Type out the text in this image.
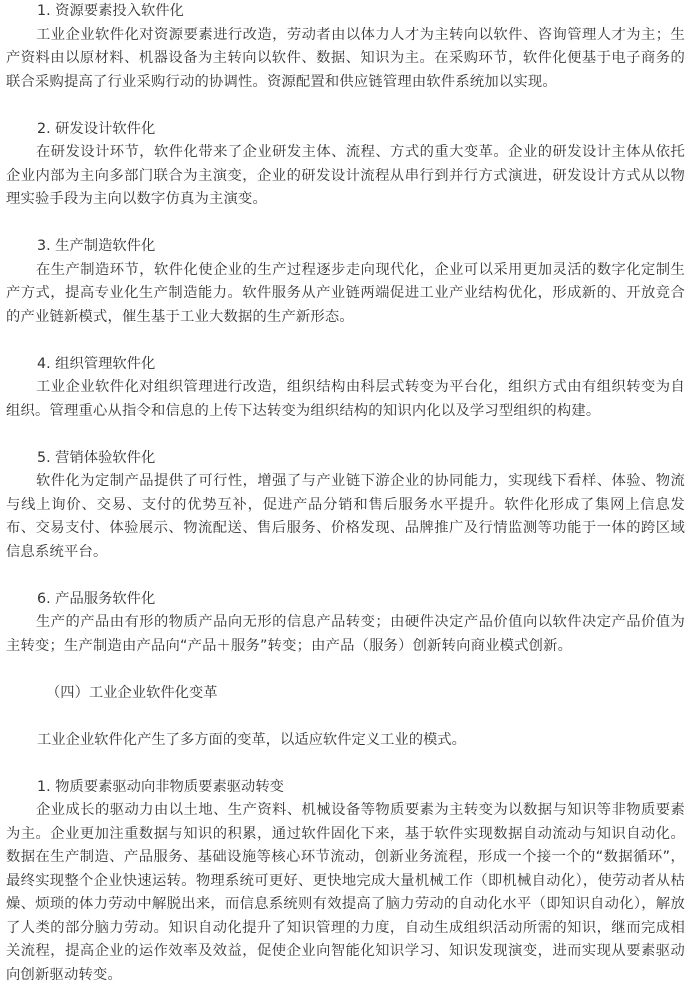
1. 资源要素投入软件化

工业企业软件化对资源要素进行改造，劳动者由以体力人才为主转向以软件、咨询管理人才为主；生产资料由以原材料、机器设备为主转向以软件、数据、知识为主。在采购环节，软件化便基于电子商务的联合采购提高了行业采购行动的协调性。资源配置和供应链管理由软件系统加以实现。

2. 研发设计软件化

在研发设计环节，软件化带来了企业研发主体、流程、方式的重大变革。企业的研发设计主体从依托企业内部为主向多部门联合为主演变，企业的研发设计流程从串行到并行方式演进，研发设计方式从以物理实验手段为主向以数字仿真为主演变。

3. 生产制造软件化

在生产制造环节，软件化使企业的生产过程逐步走向现代化，企业可以采用更加灵活的数字化定制生产方式，提高专业化生产制造能力。软件服务从产业链两端促进工业产业结构优化，形成新的、开放竞合的产业链新模式，催生基于工业大数据的生产新形态。

4. 组织管理软件化

工业企业软件化对组织管理进行改造，组织结构由科层式转变为平台化，组织方式由有组织转变为自组织。管理重心从指令和信息的上传下达转变为组织结构的知识内化以及学习型组织的构建。

5. 营销体验软件化

软件化为定制产品提供了可行性，增强了与产业链下游企业的协同能力，实现线下看样、体验、物流与线上询价、交易、支付的优势互补，促进产品分销和售后服务水平提升。软件化形成了集网上信息发布、交易支付、体验展示、物流配送、售后服务、价格发现、品牌推广及行情监测等功能于一体的跨区域信息系统平台。

6. 产品服务软件化

生产的产品由有形的物质产品向无形的信息产品转变；由硬件决定产品价值向以软件决定产品价值为主转变；生产制造由产品向“产品＋服务”转变；由产品（服务）创新转向商业模式创新。

（四）工业企业软件化变革

工业企业软件化产生了多方面的变革，以适应软件定义工业的模式。

1. 物质要素驱动向非物质要素驱动转变

企业成长的驱动力由以土地、生产资料、机械设备等物质要素为主转变为以数据与知识等非物质要素为主。企业更加注重数据与知识的积累，通过软件固化下来，基于软件实现数据自动流动与知识自动化。数据在生产制造、产品服务、基础设施等核心环节流动，创新业务流程，形成一个接一个的“数据循环”，最终实现整个企业快速运转。物理系统可更好、更快地完成大量机械工作（即机械自动化），使劳动者从枯燥、烦琐的体力劳动中解脱出来，而信息系统则有效提高了脑力劳动的自动化水平（即知识自动化），解放了人类的部分脑力劳动。知识自动化提升了知识管理的力度，自动生成组织活动所需的知识，继而完成相关流程，提高企业的运作效率及效益，促使企业向智能化知识学习、知识发现演变，进而实现从要素驱动向创新驱动转变。
